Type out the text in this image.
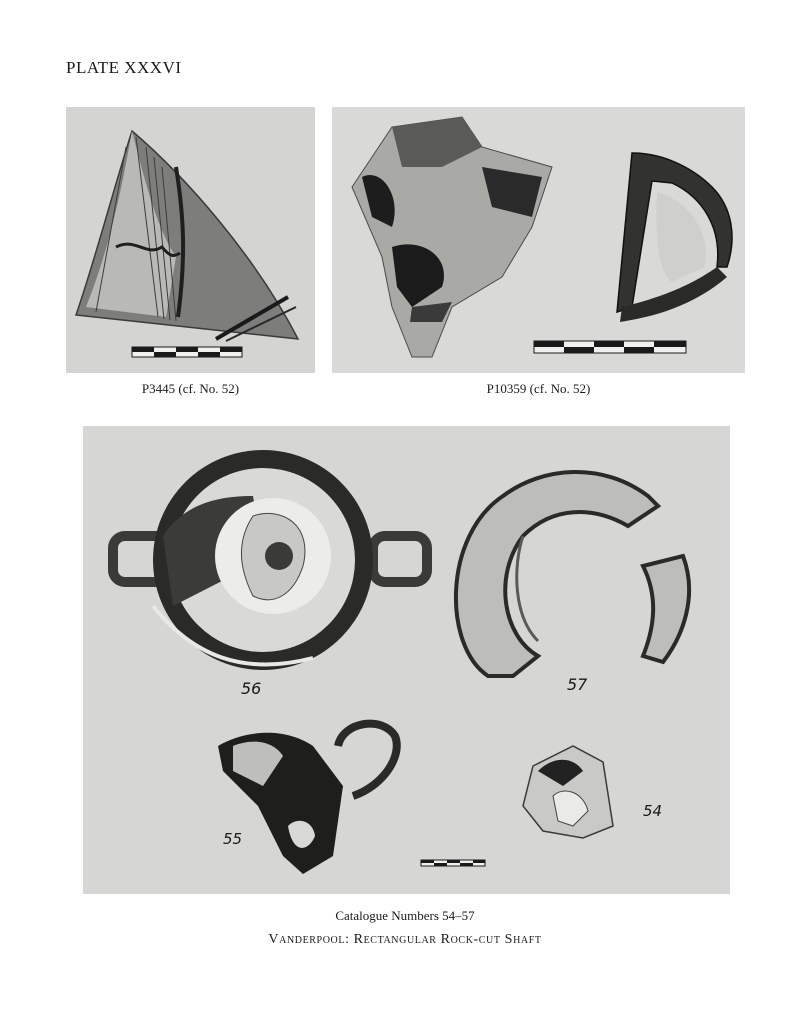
PLATE XXXVI
P3445 (cf. No. 52)	P10359 (cf. No. 52)
56	57
55
54
Catalogue Numbers 54–57
Vanderpool: Rectangular Rock-cut Shaft
